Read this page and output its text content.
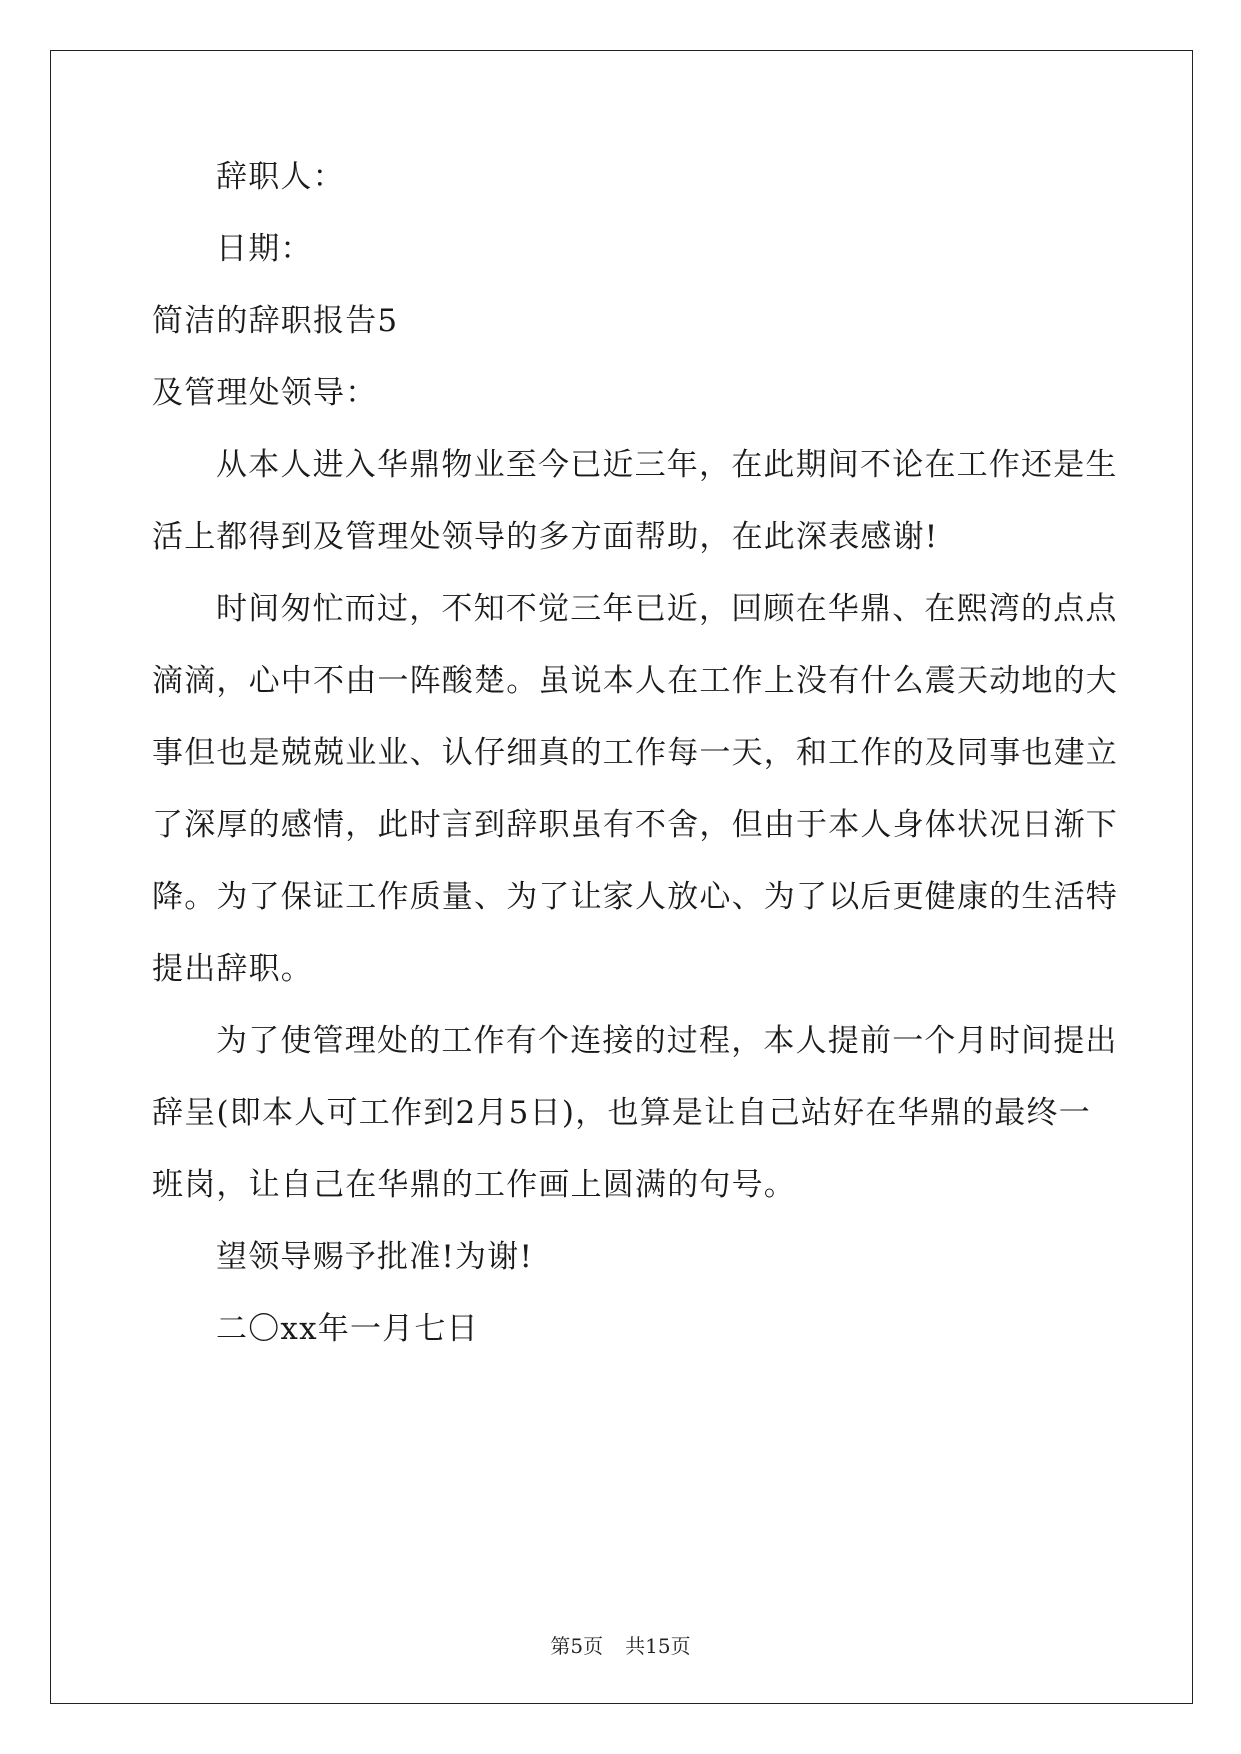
辞职人：
日期：
简洁的辞职报告5
及管理处领导：
从本人进入华鼎物业至今已近三年，在此期间不论在工作还是生
活上都得到及管理处领导的多方面帮助，在此深表感谢!
时间匆忙而过，不知不觉三年已近，回顾在华鼎、在熙湾的点点
滴滴，心中不由一阵酸楚。虽说本人在工作上没有什么震天动地的大
事但也是兢兢业业、认仔细真的工作每一天，和工作的及同事也建立
了深厚的感情，此时言到辞职虽有不舍，但由于本人身体状况日渐下
降。为了保证工作质量、为了让家人放心、为了以后更健康的生活特
提出辞职。
为了使管理处的工作有个连接的过程，本人提前一个月时间提出
辞呈(即本人可工作到2月5日)，也算是让自己站好在华鼎的最终一
班岗，让自己在华鼎的工作画上圆满的句号。
望领导赐予批准!为谢!
二〇xx年一月七日
第5页 共15页
